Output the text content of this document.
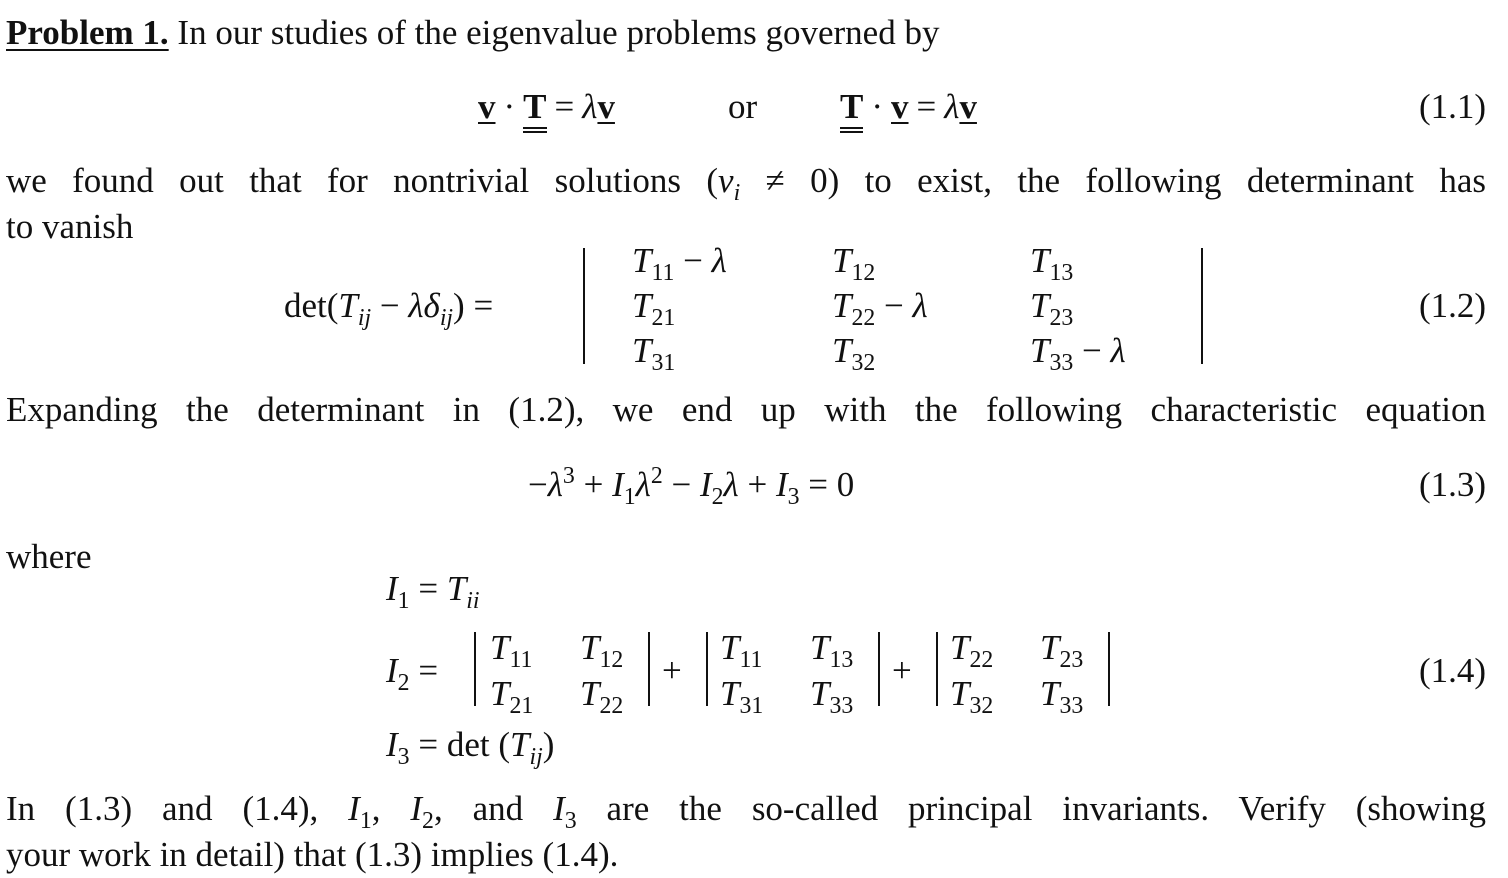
Problem 1. In our studies of the eigenvalue problems governed by
v · T = λv	or T · v = λv	(1.1)
we found out that for nontrivial solutions $(v_i \ne 0)$ to exist, the following determinant has
to vanish
$\det(T_{ij} - \lambda\delta_{ij})$ =
$T_{11} - \lambda$	$T_{12}$	$T_{13}$
$T_{21}$	$T_{22} - \lambda$	$T_{23}$
$T_{31}$	$T_{32}$	$T_{33} - \lambda$
(1.2)
Expanding the determinant in (1.2), we end up with the following characteristic equation
$-\lambda^3 + I_1\lambda^2 - I_2\lambda + I_3 = 0$	(1.3)
where
$I_1 = T_{ii}$
$I_2$ =
$T_{11}$ $T_{12}$
$T_{21}$ $T_{22}$
+
$T_{11}$ $T_{13}$
$T_{31}$ $T_{33}$
+
$T_{22}$ $T_{23}$
$T_{32}$ $T_{33}$
(1.4)
$I_3 = \det (T_{ij})$
In (1.3) and (1.4), $I_1$, $I_2$, and $I_3$ are the so-called principal invariants. Verify (showing
your work in detail) that (1.3) implies (1.4).
